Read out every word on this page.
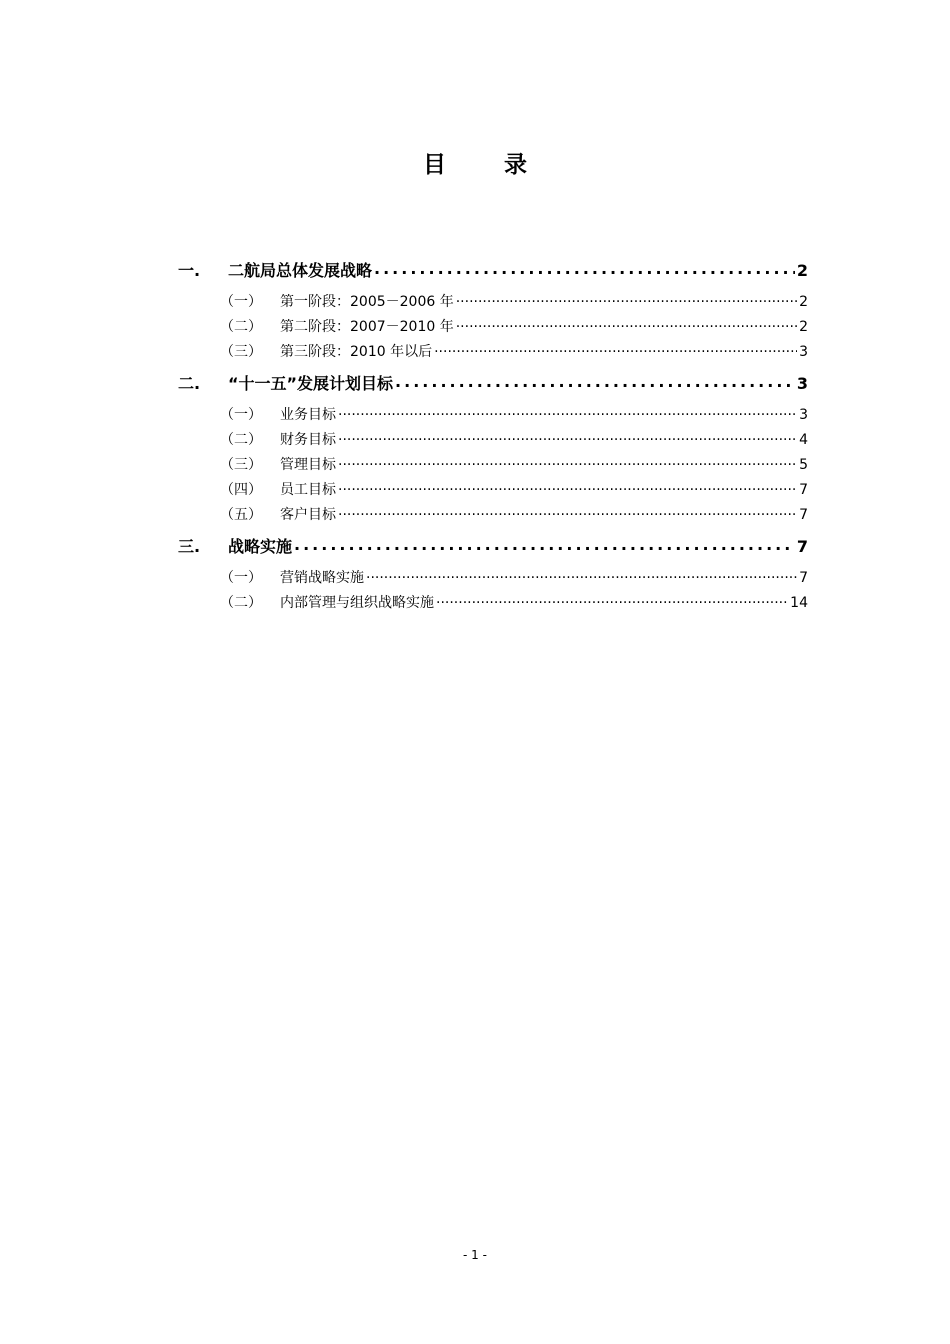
目	录
一.	二航局总体发展战略 .....	2
（一）	第一阶段：2005－2006 年 .....	2
（二）	第二阶段：2007－2010 年 .....	2
（三）	第三阶段：2010 年以后 .....	3
二.	“十一五”发展计划目标 .....	3
（一）	业务目标 .....	3
（二）	财务目标 .....	4
（三）	管理目标 .....	5
（四）	员工目标 .....	7
（五）	客户目标 .....	7
三.	战略实施 .....	7
（一）	营销战略实施 .....	7
（二）	内部管理与组织战略实施 .....	14
- 1 -
